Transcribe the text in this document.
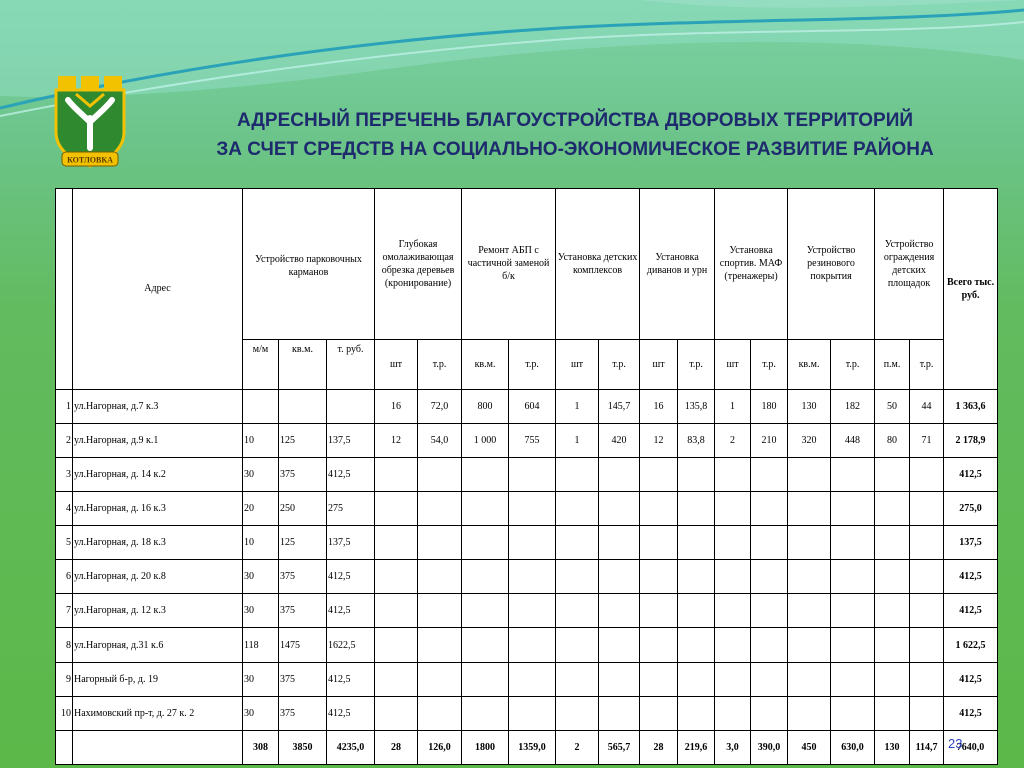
КОТЛОВКА
АДРЕСНЫЙ ПЕРЕЧЕНЬ БЛАГОУСТРОЙСТВА ДВОРОВЫХ ТЕРРИТОРИЙ
ЗА СЧЕТ СРЕДСТВ НА СОЦИАЛЬНО-ЭКОНОМИЧЕСКОЕ РАЗВИТИЕ РАЙОНА
	Адрес	Устройство парковочных карманов			Глубокая омолаживающая обрезка деревьев (кронирование)		Ремонт АБП с частичной заменой б/к		Установка детских комплексов		Установка диванов и урн		Установка спортив. МАФ (тренажеры)		Устройство резинового покрытия		Устройство ограждения детских площадок		Всего тыс. руб.
		м/м	кв.м.	т. руб.	шт	т.р.	кв.м.	т.р.	шт	т.р.	шт	т.р.	шт	т.р.	кв.м.	т.р.	п.м.	т.р.	
1	ул.Нагорная, д.7 к.3				16	72,0	800	604	1	145,7	16	135,8	1	180	130	182	50	44	1 363,6
2	ул.Нагорная, д.9 к.1	10	125	137,5	12	54,0	1 000	755	1	420	12	83,8	2	210	320	448	80	71	2 178,9
3	ул.Нагорная, д. 14 к.2	30	375	412,5															412,5
4	ул.Нагорная, д. 16 к.3	20	250	275															275,0
5	ул.Нагорная, д. 18 к.3	10	125	137,5															137,5
6	ул.Нагорная, д. 20 к.8	30	375	412,5															412,5
7	ул.Нагорная, д. 12 к.3	30	375	412,5															412,5
8	ул.Нагорная, д.31 к.6	118	1475	1622,5															1 622,5
9	Нагорный б-р, д. 19	30	375	412,5															412,5
10	Нахимовский пр-т, д. 27 к. 2	30	375	412,5															412,5
		308	3850	4235,0	28	126,0	1800	1359,0	2	565,7	28	219,6	3,0	390,0	450	630,0	130	114,7	7640,0
23
